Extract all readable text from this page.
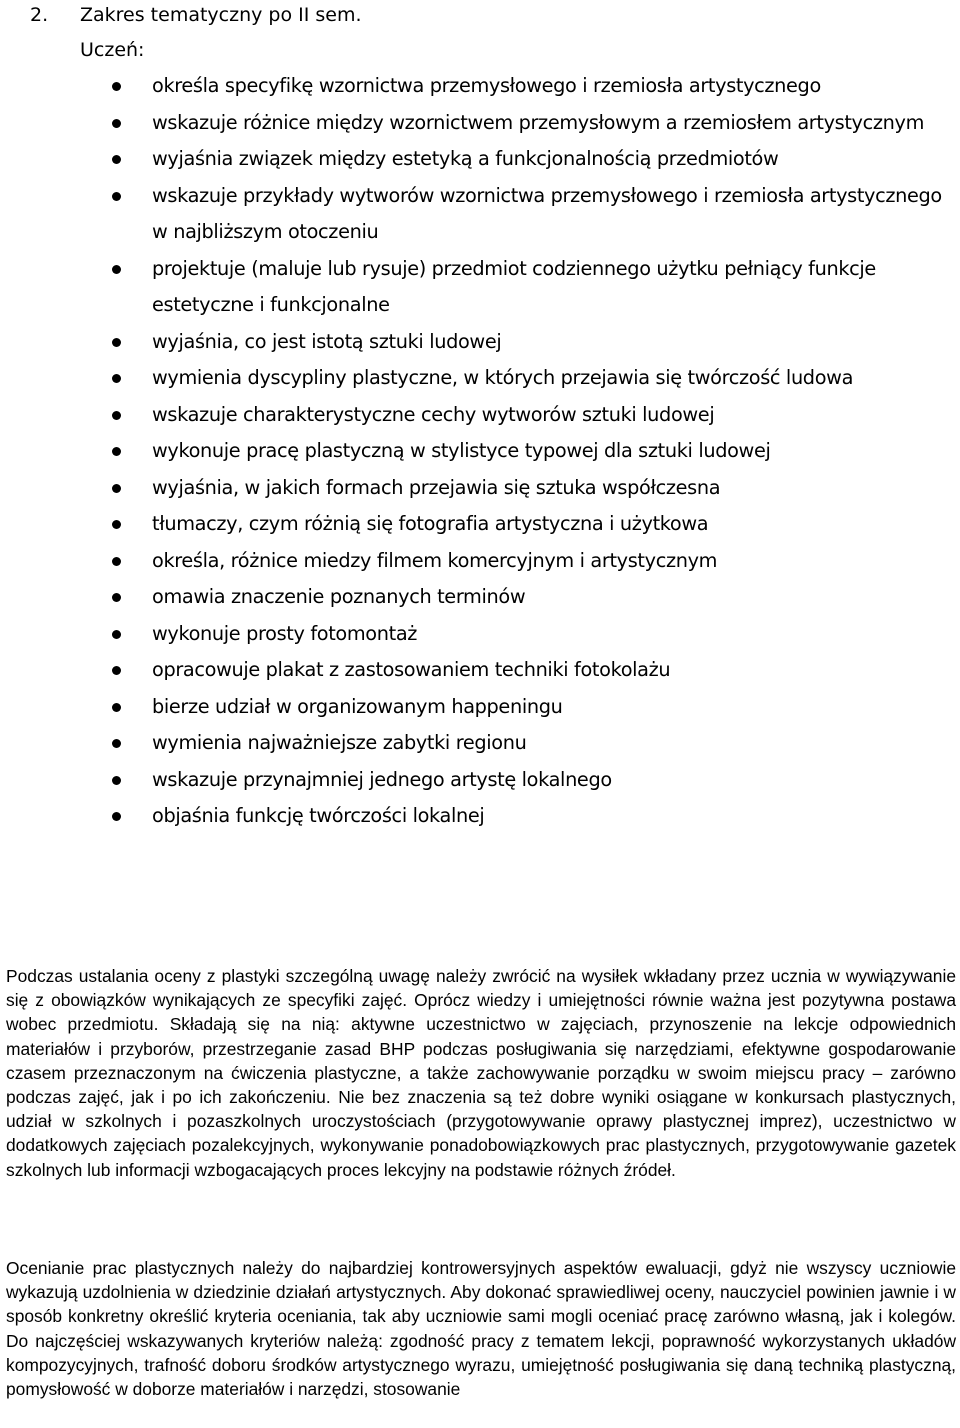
2. Zakres tematyczny po II sem.
Uczeń:
określa specyfikę wzornictwa przemysłowego i rzemiosła artystycznego
wskazuje różnice między wzornictwem przemysłowym a rzemiosłem artystycznym
wyjaśnia związek między estetyką a funkcjonalnością przedmiotów
wskazuje przykłady wytworów wzornictwa przemysłowego i rzemiosła artystycznego w najbliższym otoczeniu
projektuje (maluje lub rysuje) przedmiot codziennego użytku pełniący funkcje estetyczne i funkcjonalne
wyjaśnia, co jest istotą sztuki ludowej
wymienia dyscypliny plastyczne, w których przejawia się twórczość ludowa
wskazuje charakterystyczne cechy wytworów sztuki ludowej
wykonuje pracę plastyczną w stylistyce typowej dla sztuki ludowej
wyjaśnia, w jakich formach przejawia się sztuka współczesna
tłumaczy, czym różnią się fotografia artystyczna i użytkowa
określa, różnice miedzy filmem komercyjnym i artystycznym
omawia znaczenie poznanych terminów
wykonuje prosty fotomontaż
opracowuje plakat z zastosowaniem techniki fotokolażu
bierze udział w organizowanym happeningu
wymienia najważniejsze zabytki regionu
wskazuje przynajmniej jednego artystę lokalnego
objaśnia funkcję twórczości lokalnej

Podczas ustalania oceny z plastyki szczególną uwagę należy zwrócić na wysiłek wkładany przez ucznia w wywiązywanie się z obowiązków wynikających ze specyfiki zajęć. Oprócz wiedzy i umiejętności równie ważna jest pozytywna postawa wobec przedmiotu. Składają się na nią: aktywne uczestnictwo w zajęciach, przynoszenie na lekcje odpowiednich materiałów i przyborów, przestrzeganie zasad BHP podczas posługiwania się narzędziami, efektywne gospodarowanie czasem przeznaczonym na ćwiczenia plastyczne, a także zachowywanie porządku w swoim miejscu pracy – zarówno podczas zajęć, jak i po ich zakończeniu. Nie bez znaczenia są też dobre wyniki osiągane w konkursach plastycznych, udział w szkolnych i pozaszkolnych uroczystościach (przygotowywanie oprawy plastycznej imprez), uczestnictwo w dodatkowych zajęciach pozalekcyjnych, wykonywanie ponadobowiązkowych prac plastycznych, przygotowywanie gazetek szkolnych lub informacji wzbogacających proces lekcyjny na podstawie różnych źródeł.

Ocenianie prac plastycznych należy do najbardziej kontrowersyjnych aspektów ewaluacji, gdyż nie wszyscy uczniowie wykazują uzdolnienia w dziedzinie działań artystycznych. Aby dokonać sprawiedliwej oceny, nauczyciel powinien jawnie i w sposób konkretny określić kryteria oceniania, tak aby uczniowie sami mogli oceniać pracę zarówno własną, jak i kolegów. Do najczęściej wskazywanych kryteriów należą: zgodność pracy z tematem lekcji, poprawność wykorzystanych układów kompozycyjnych, trafność doboru środków artystycznego wyrazu, umiejętność posługiwania się daną techniką plastyczną, pomysłowość w doborze materiałów i narzędzi, stosowanie
